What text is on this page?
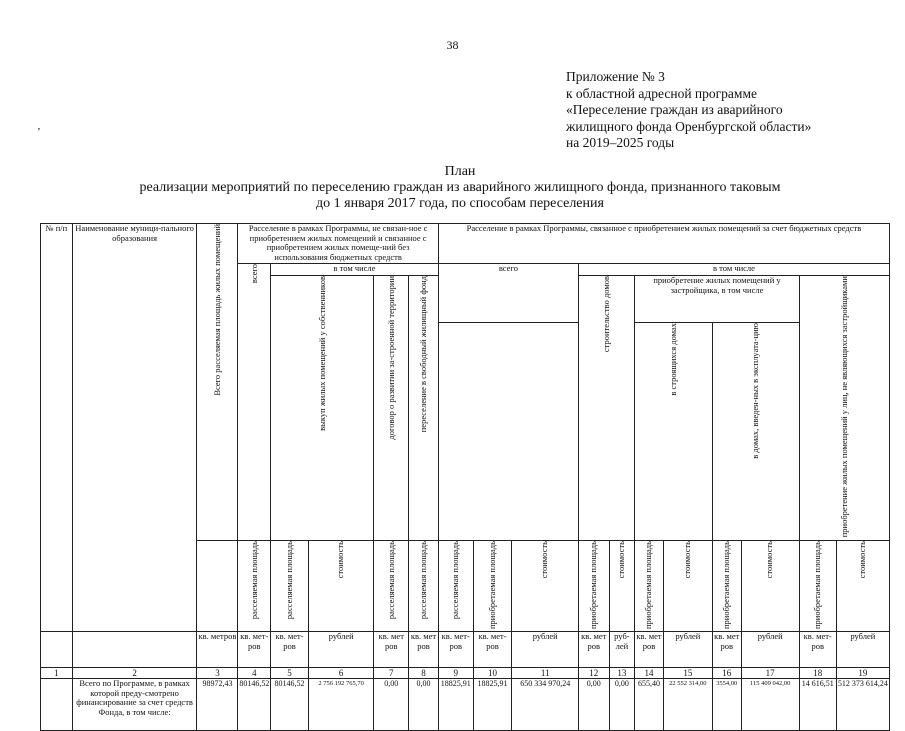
38
’
Приложение № 3
к областной адресной программе
«Переселение граждан из аварийного
жилищного фонда Оренбургской области»
на 2019–2025 годы
План
реализации мероприятий по переселению граждан из аварийного жилищного фонда, признанного таковым
до 1 января 2017 года, по способам переселения
№ п/п	Наименование муници-пального образования	Всего расселяемая площадь жилых помещений	Расселение в рамках Программы, не связан-ное с приобретением жилых помещений и связанное с приобретением жилых помеще-ний без использования бюджетных средств					Расселение в рамках Программы, связанное с приобретением жилых помещений за счет бюджетных средств										
			всего	в том числе				всего			в том числе							
				выкуп жилых помещений у собственников		договор о развитии за-строенной территории	переселение в свободный жилищный фонд				строительство домов		приобретение жилых помещений у застройщика, в том числе				приобретение жилых помещений у лиц, не являющихся застройщиками	
													в строящихся домах		в домах, введен-ных в эксплуата-цию			
			расселяемая площадь	расселяемая площадь	стоимость	расселяемая площадь	расселяемая площадь	расселяемая площадь	приобретаемая площадь	стоимость	приобретаемая площадь	стоимость	приобретаемая площадь	стоимость	приобретаемая площадь	стоимость	приобретаемая площадь	стоимость
		кв. метров	кв. мет-ров	кв. мет-ров	рублей	кв. мет ров	кв. мет ров	кв. мет-ров	кв. мет-ров	рублей	кв. мет ров	руб-лей	кв. мет ров	рублей	кв. мет ров	рублей	кв. мет-ров	рублей
1	2	3	4	5	6	7	8	9	10	11	12	13	14	15	16	17	18	19
	Всего по Программе, в рамках которой преду-смотрено финансирование за счет средств Фонда, в том числе:	98972,43	80146,52	80146,52	2 756 192 765,70	0,00	0,00	18825,91	18825,91	650 334 970,24	0,00	0,00	655,40	22 552 314,00	3554,00	115 409 042,00	14 616,51	512 373 614,24
